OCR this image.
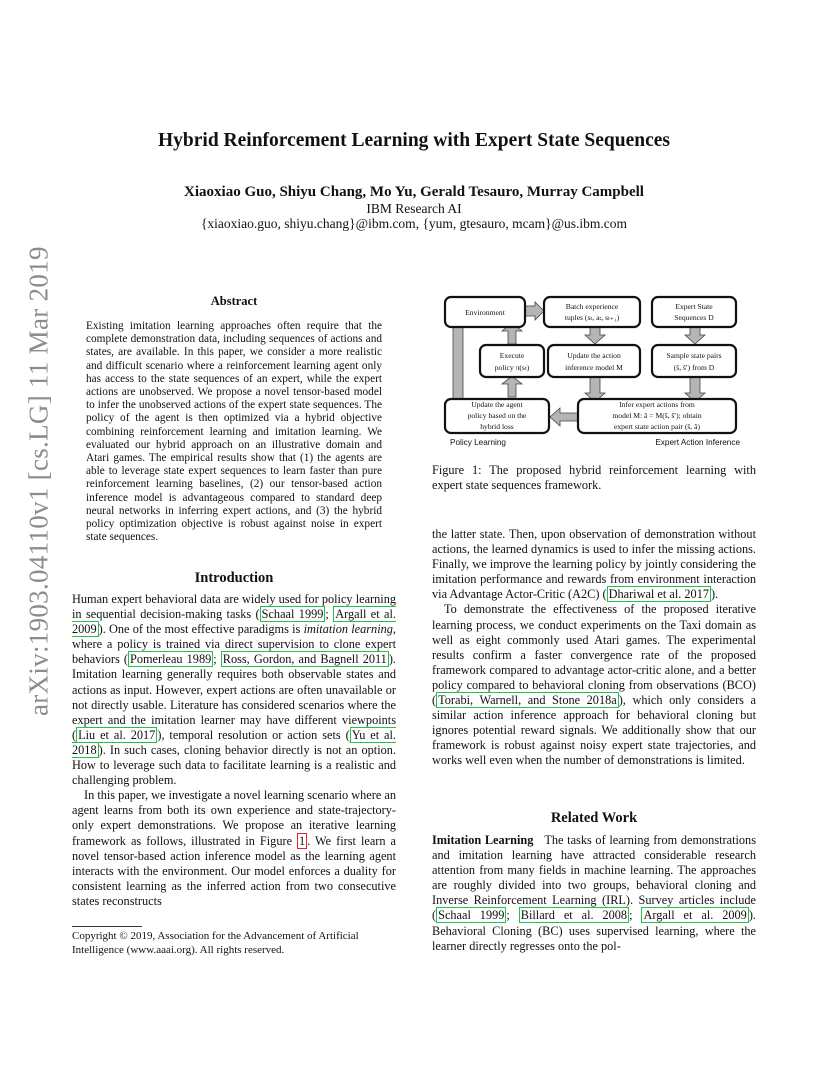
arXiv:1903.04110v1 [cs.LG] 11 Mar 2019
Hybrid Reinforcement Learning with Expert State Sequences
Xiaoxiao Guo, Shiyu Chang, Mo Yu, Gerald Tesauro, Murray Campbell
IBM Research AI
{xiaoxiao.guo, shiyu.chang}@ibm.com, {yum, gtesauro, mcam}@us.ibm.com
Abstract
Existing imitation learning approaches often require that the complete demonstration data, including sequences of actions and states, are available. In this paper, we consider a more realistic and difficult scenario where a reinforcement learning agent only has access to the state sequences of an expert, while the expert actions are unobserved. We propose a novel tensor-based model to infer the unobserved actions of the expert state sequences. The policy of the agent is then optimized via a hybrid objective combining reinforcement learning and imitation learning. We evaluated our hybrid approach on an illustrative domain and Atari games. The empirical results show that (1) the agents are able to leverage state expert sequences to learn faster than pure reinforcement learning baselines, (2) our tensor-based action inference model is advantageous compared to standard deep neural networks in inferring expert actions, and (3) the hybrid policy optimization objective is robust against noise in expert state sequences.
Introduction

Human expert behavioral data are widely used for policy learning in sequential decision-making tasks ( Schaal 1999 ; Argall et al. 2009 ). One of the most effective paradigms is imitation learning, where a policy is trained via direct supervision to clone expert behaviors ( Pomerleau 1989 ; Ross, Gordon, and Bagnell 2011 ). Imitation learning generally requires both observable states and actions as input. However, expert actions are often unavailable or not directly usable. Literature has considered scenarios where the expert and the imitation learner may have different viewpoints ( Liu et al. 2017 ), temporal resolution or action sets ( Yu et al. 2018 ). In such cases, cloning behavior directly is not an option. How to leverage such data to facilitate learning is a realistic and challenging problem.

In this paper, we investigate a novel learning scenario where an agent learns from both its own experience and state-trajectory-only expert demonstrations. We propose an iterative learning framework as follows, illustrated in Figure 1 . We first learn a novel tensor-based action inference model as the learning agent interacts with the environment. Our model enforces a duality for consistent learning as the inferred action from two consecutive states reconstructs

Copyright © 2019, Association for the Advancement of Artificial Intelligence (www.aaai.org). All rights reserved.
Environment
Batch experience
tuples (sₜ, aₜ, sₜ₊₁)
Expert State
Sequences D
Execute
policy π(sₜ)
Update the action
inference model M
Sample state pairs
(ŝ, ŝ′) from D
Update the agent
policy based on the
hybrid loss
Infer expert actions from
model M: â = M(ŝ, ŝ′); obtain
expert state action pair (ŝ, â)
Policy Learning	Expert Action Inference
Figure 1: The proposed hybrid reinforcement learning with expert state sequences framework.

the latter state. Then, upon observation of demonstration without actions, the learned dynamics is used to infer the missing actions. Finally, we improve the learning policy by jointly considering the imitation performance and rewards from environment interaction via Advantage Actor-Critic (A2C) ( Dhariwal et al. 2017 ).

To demonstrate the effectiveness of the proposed iterative learning process, we conduct experiments on the Taxi domain as well as eight commonly used Atari games. The experimental results confirm a faster convergence rate of the proposed framework compared to advantage actor-critic alone, and a better policy compared to behavioral cloning from observations (BCO) ( Torabi, Warnell, and Stone 2018a ), which only considers a similar action inference approach for behavioral cloning but ignores potential reward signals. We additionally show that our framework is robust against noisy expert state trajectories, and works well even when the number of demonstrations is limited.

Related Work

Imitation Learning The tasks of learning from demonstrations and imitation learning have attracted considerable research attention from many fields in machine learning. The approaches are roughly divided into two groups, behavioral cloning and Inverse Reinforcement Learning (IRL). Survey articles include ( Schaal 1999 ; Billard et al. 2008 ; Argall et al. 2009 ). Behavioral Cloning (BC) uses supervised learning, where the learner directly regresses onto the pol-
